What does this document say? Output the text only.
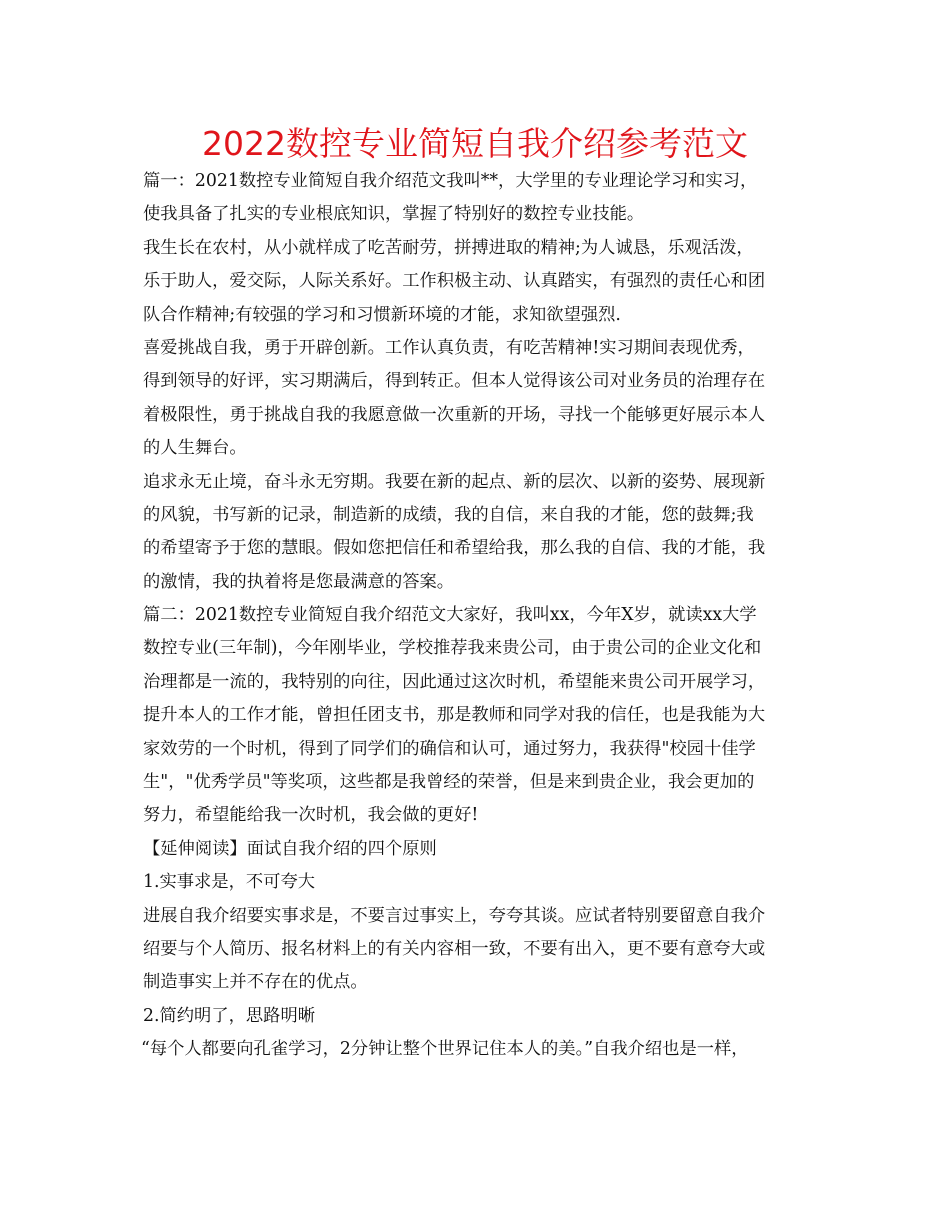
2022数控专业简短自我介绍参考范文
篇一：2021数控专业简短自我介绍范文我叫**，大学里的专业理论学习和实习，
使我具备了扎实的专业根底知识，掌握了特别好的数控专业技能。
我生长在农村，从小就样成了吃苦耐劳，拼搏进取的精神;为人诚恳，乐观活泼，
乐于助人，爱交际，人际关系好。工作积极主动、认真踏实，有强烈的责任心和团
队合作精神;有较强的学习和习惯新环境的才能，求知欲望强烈.
喜爱挑战自我，勇于开辟创新。工作认真负责，有吃苦精神!实习期间表现优秀，
得到领导的好评，实习期满后，得到转正。但本人觉得该公司对业务员的治理存在
着极限性，勇于挑战自我的我愿意做一次重新的开场，寻找一个能够更好展示本人
的人生舞台。
追求永无止境，奋斗永无穷期。我要在新的起点、新的层次、以新的姿势、展现新
的风貌，书写新的记录，制造新的成绩，我的自信，来自我的才能，您的鼓舞;我
的希望寄予于您的慧眼。假如您把信任和希望给我，那么我的自信、我的才能，我
的激情，我的执着将是您最满意的答案。
篇二：2021数控专业简短自我介绍范文大家好，我叫xx，今年X岁，就读xx大学
数控专业(三年制)，今年刚毕业，学校推荐我来贵公司，由于贵公司的企业文化和
治理都是一流的，我特别的向往，因此通过这次时机，希望能来贵公司开展学习，
提升本人的工作才能，曾担任团支书，那是教师和同学对我的信任，也是我能为大
家效劳的一个时机，得到了同学们的确信和认可，通过努力，我获得"校园十佳学
生"，"优秀学员"等奖项，这些都是我曾经的荣誉，但是来到贵企业，我会更加的
努力，希望能给我一次时机，我会做的更好!
【延伸阅读】面试自我介绍的四个原则
1.实事求是，不可夸大
进展自我介绍要实事求是，不要言过事实上，夸夸其谈。应试者特别要留意自我介
绍要与个人简历、报名材料上的有关内容相一致，不要有出入，更不要有意夸大或
制造事实上并不存在的优点。
2.简约明了，思路明晰
“每个人都要向孔雀学习，2分钟让整个世界记住本人的美。”自我介绍也是一样，
